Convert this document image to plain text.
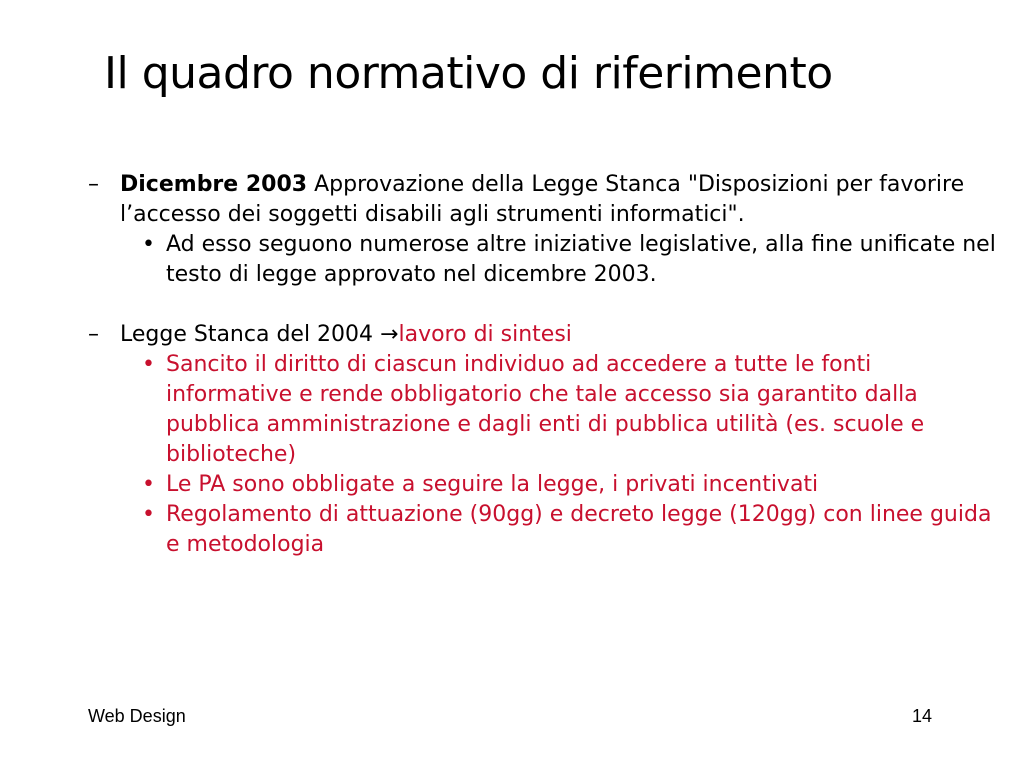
Il quadro normativo di riferimento
– Dicembre 2003 Approvazione della Legge Stanca "Disposizioni per favorire l’accesso dei soggetti disabili agli strumenti informatici".
• Ad esso seguono numerose altre iniziative legislative, alla fine unificate nel testo di legge approvato nel dicembre 2003.
– Legge Stanca del 2004 →lavoro di sintesi
• Sancito il diritto di ciascun individuo ad accedere a tutte le fonti informative e rende obbligatorio che tale accesso sia garantito dalla pubblica amministrazione e dagli enti di pubblica utilità (es. scuole e biblioteche)
• Le PA sono obbligate a seguire la legge, i privati incentivati
• Regolamento di attuazione (90gg) e decreto legge (120gg) con linee guida e metodologia
Web Design	14
